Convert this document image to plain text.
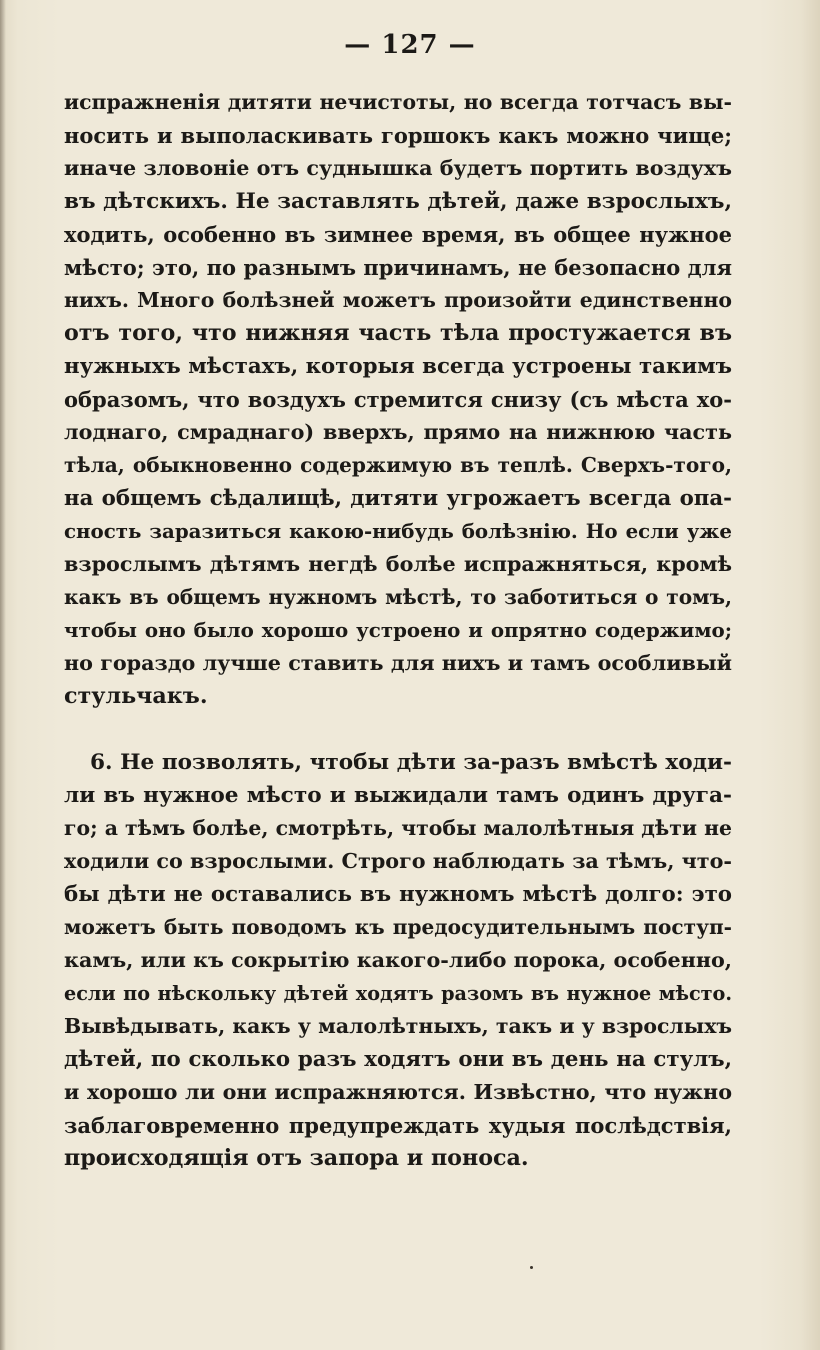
— 127 —
испражненія дитяти нечистоты, но всегда тотчасъ вы-
носить и выполаскивать горшокъ какъ можно чище;
иначе зловоніе отъ суднышка будетъ портить воздухъ
въ дѣтскихъ. Не заставлять дѣтей, даже взрослыхъ,
ходить, особенно въ зимнее время, въ общее нужное
мѣсто; это, по разнымъ причинамъ, не безопасно для
нихъ. Много болѣзней можетъ произойти единственно
отъ того, что нижняя часть тѣла простужается въ
нужныхъ мѣстахъ, которыя всегда устроены такимъ
образомъ, что воздухъ стремится снизу (съ мѣста хо-
лоднаго, смраднаго) вверхъ, прямо на нижнюю часть
тѣла, обыкновенно содержимую въ теплѣ. Сверхъ-того,
на общемъ сѣдалищѣ, дитяти угрожаетъ всегда опа-
сность заразиться какою-нибудь болѣзнію. Но если уже
взрослымъ дѣтямъ негдѣ болѣе испражняться, кромѣ
какъ въ общемъ нужномъ мѣстѣ, то заботиться о томъ,
чтобы оно было хорошо устроено и опрятно содержимо;
но гораздо лучше ставить для нихъ и тамъ особливый
стульчакъ.
6. Не позволять, чтобы дѣти за-разъ вмѣстѣ ходи-
ли въ нужное мѣсто и выжидали тамъ одинъ друга-
го; а тѣмъ болѣе, смотрѣть, чтобы малолѣтныя дѣти не
ходили со взрослыми. Строго наблюдать за тѣмъ, что-
бы дѣти не оставались въ нужномъ мѣстѣ долго: это
можетъ быть поводомъ къ предосудительнымъ поступ-
камъ, или къ сокрытію какого-либо порока, особенно,
если по нѣскольку дѣтей ходятъ разомъ въ нужное мѣсто.
Вывѣдывать, какъ у малолѣтныхъ, такъ и у взрослыхъ
дѣтей, по сколько разъ ходятъ они въ день на стулъ,
и хорошо ли они испражняются. Извѣстно, что нужно
заблаговременно предупреждать худыя послѣдствія,
происходящія отъ запора и поноса.
